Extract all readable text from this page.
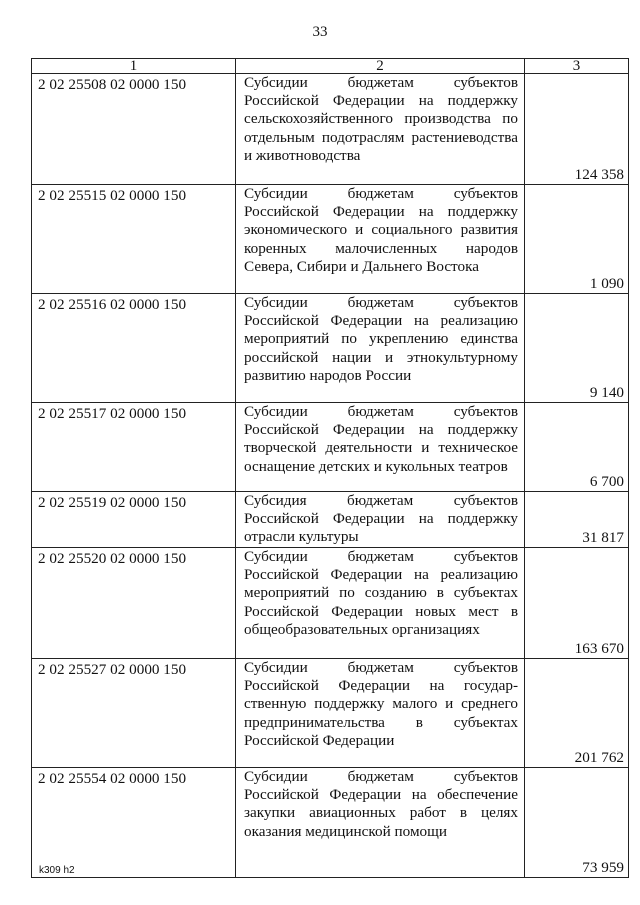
33
1	2	3
2 02 25508 02 0000 150	Субсидии бюджетам субъектов Российской Федерации на поддержку сельскохозяйственного производства по отдельным подотраслям растениеводства и животноводства	124 358
2 02 25515 02 0000 150	Субсидии бюджетам субъектов Российской Федерации на поддержку экономического и социального развития коренных малочисленных народов Севера, Сибири и Дальнего Востока	1 090
2 02 25516 02 0000 150	Субсидии бюджетам субъектов Российской Федерации на реализацию мероприятий по укреплению единства российской нации и этнокультурному развитию народов России	9 140
2 02 25517 02 0000 150	Субсидии бюджетам субъектов Российской Федерации на поддержку творческой деятельности и техническое оснащение детских и кукольных театров	6 700
2 02 25519 02 0000 150	Субсидия бюджетам субъектов Российской Федерации на поддержку отрасли культуры	31 817
2 02 25520 02 0000 150	Субсидии бюджетам субъектов Российской Федерации на реализацию мероприятий по созданию в субъектах Российской Федерации новых мест в общеобразовательных организациях	163 670
2 02 25527 02 0000 150	Субсидии бюджетам субъектов Российской Федерации на государственную поддержку малого и среднего предпринимательства в субъектах Российской Федерации	201 762
2 02 25554 02 0000 150	Субсидии бюджетам субъектов Российской Федерации на обеспечение закупки авиационных работ в целях оказания медицинской помощи	73 959
k309 h2
